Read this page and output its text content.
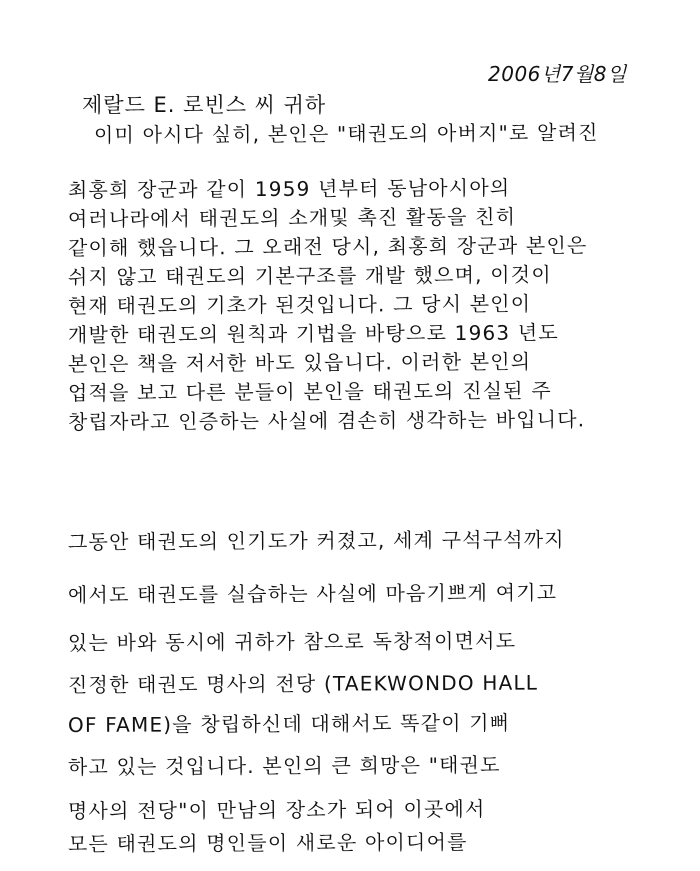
2006년7월8일
제랄드 E. 로빈스 씨 귀하
이미 아시다 싶히, 본인은 "태권도의 아버지"로 알려진
최홍희 장군과 같이 1959 년부터 동남아시아의
여러나라에서 태권도의 소개및 촉진 활동을 친히
같이해 했읍니다. 그 오래전 당시, 최홍희 장군과 본인은
쉬지 않고 태권도의 기본구조를 개발 했으며, 이것이
현재 태권도의 기초가 된것입니다. 그 당시 본인이
개발한 태권도의 원칙과 기법을 바탕으로 1963 년도
본인은 책을 저서한 바도 있읍니다. 이러한 본인의
업적을 보고 다른 분들이 본인을 태권도의 진실된 주
창립자라고 인증하는 사실에 겸손히 생각하는 바입니다.
그동안 태권도의 인기도가 커졌고, 세계 구석구석까지
에서도 태권도를 실습하는 사실에 마음기쁘게 여기고
있는 바와 동시에 귀하가 참으로 독창적이면서도
진정한 태권도 명사의 전당 (TAEKWONDO HALL
OF FAME)을 창립하신데 대해서도 똑같이 기뻐
하고 있는 것입니다. 본인의 큰 희망은 "태권도
명사의 전당"이 만남의 장소가 되어 이곳에서
모든 태권도의 명인들이 새로운 아이디어를
